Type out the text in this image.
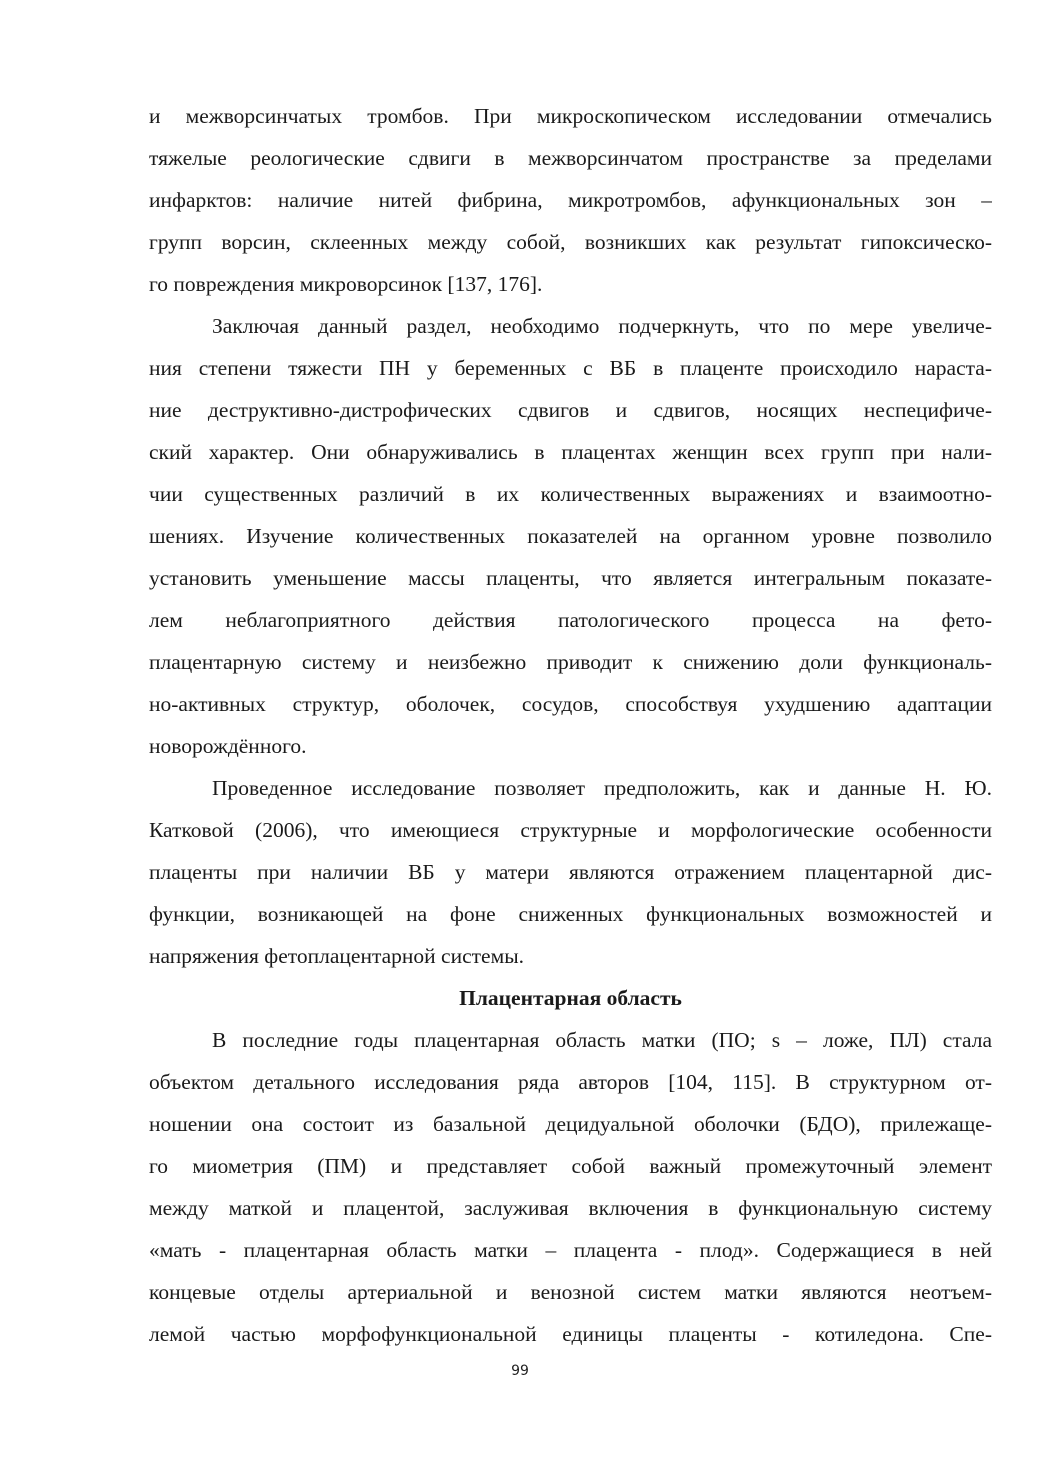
и межворсинчатых тромбов. При микроскопическом исследовании отмечались
тяжелые реологические сдвиги в межворсинчатом пространстве за пределами
инфарктов: наличие нитей фибрина, микротромбов, афункциональных зон –
групп ворсин, склеенных между собой, возникших как результат гипоксическо-
го повреждения микроворсинок [137, 176].
Заключая данный раздел, необходимо подчеркнуть, что по мере увеличе-
ния степени тяжести ПН у беременных с ВБ в плаценте происходило нараста-
ние деструктивно-дистрофических сдвигов и сдвигов, носящих неспецифиче-
ский характер. Они обнаруживались в плацентах женщин всех групп при нали-
чии существенных различий в их количественных выражениях и взаимоотно-
шениях. Изучение количественных показателей на органном уровне позволило
установить уменьшение массы плаценты, что является интегральным показате-
лем неблагоприятного действия патологического процесса на фето-
плацентарную систему и неизбежно приводит к снижению доли функциональ-
но-активных структур, оболочек, сосудов, способствуя ухудшению адаптации
новорождённого.
Проведенное исследование позволяет предположить, как и данные Н. Ю.
Катковой (2006), что имеющиеся структурные и морфологические особенности
плаценты при наличии ВБ у матери являются отражением плацентарной дис-
функции, возникающей на фоне сниженных функциональных возможностей и
напряжения фетоплацентарной системы.
Плацентарная область
В последние годы плацентарная область матки (ПО; s – ложе, ПЛ) стала
объектом детального исследования ряда авторов [104, 115]. В структурном от-
ношении она состоит из базальной децидуальной оболочки (БДО), прилежаще-
го миометрия (ПМ) и представляет собой важный промежуточный элемент
между маткой и плацентой, заслуживая включения в функциональную систему
«мать - плацентарная область матки – плацента - плод». Содержащиеся в ней
концевые отделы артериальной и венозной систем матки являются неотъем-
лемой частью морфофункциональной единицы плаценты - котиледона. Спе-
99
